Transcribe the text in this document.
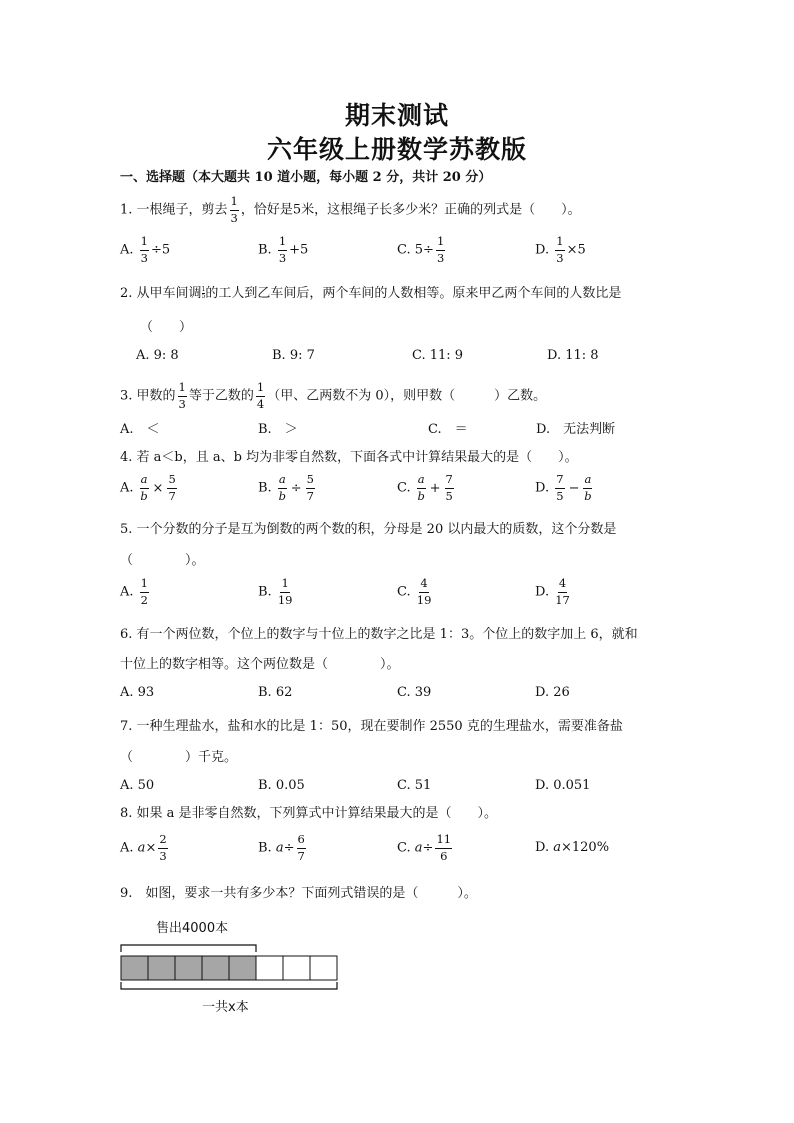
期末测试
六年级上册数学苏教版
一、选择题（本大题共 10 道小题，每小题 2 分，共计 20 分）
1. 一根绳子，剪去 $\frac{1}{3}$ ，恰好是5米，这根绳子长多少米？正确的列式是（　　）。
A. $\frac{1}{3} \div 5$	B. $\frac{1}{3} +5$	C. $5\div \frac{1}{3}$	D. $\frac{1}{3} \times 5$
2. 从甲车间调 $\frac{1}{5}$ 的工人到乙车间后，两个车间的人数相等。原来甲乙两个车间的人数比是
（　　）
A. 9: 8	B. 9: 7	C. 11: 9	D. 11: 8
3. 甲数的 $\frac{1}{3}$ 等于乙数的 $\frac{1}{4}$ （甲、乙两数不为 0），则甲数（　　　）乙数。
A.　＜	B.　＞	C.　＝	D.　无法判断
4. 若 a＜b，且 a、b 均为非零自然数，下面各式中计算结果最大的是（　　）。
A. $\frac{a}{b} \times \frac{5}{7}$	B. $\frac{a}{b} \div \frac{5}{7}$	C. $\frac{a}{b} + \frac{7}{5}$	D. $\frac{7}{5} - \frac{a}{b}$
5. 一个分数的分子是互为倒数的两个数的积，分母是 20 以内最大的质数，这个分数是
（　　　　）。
A. $\frac{1}{2}$	B. $\frac{1}{19}$	C. $\frac{4}{19}$	D. $\frac{4}{17}$
6. 有一个两位数，个位上的数字与十位上的数字之比是 1：3。个位上的数字加上 6，就和
十位上的数字相等。这个两位数是（　　　　）。
A. 93	B. 62	C. 39	D. 26
7. 一种生理盐水，盐和水的比是 1：50，现在要制作 2550 克的生理盐水，需要准备盐
（　　　　）千克。
A. 50	B. 0.05	C. 51	D. 0.051
8. 如果 a 是非零自然数，下列算式中计算结果最大的是（　　）。
A. $a\times \frac{2}{3}$	B. $a\div \frac{6}{7}$	C. $a\div \frac{11}{6}$	D. a×120%
9.　如图，要求一共有多少本？下面列式错误的是（　　　）。
售出4000本
一共x本
